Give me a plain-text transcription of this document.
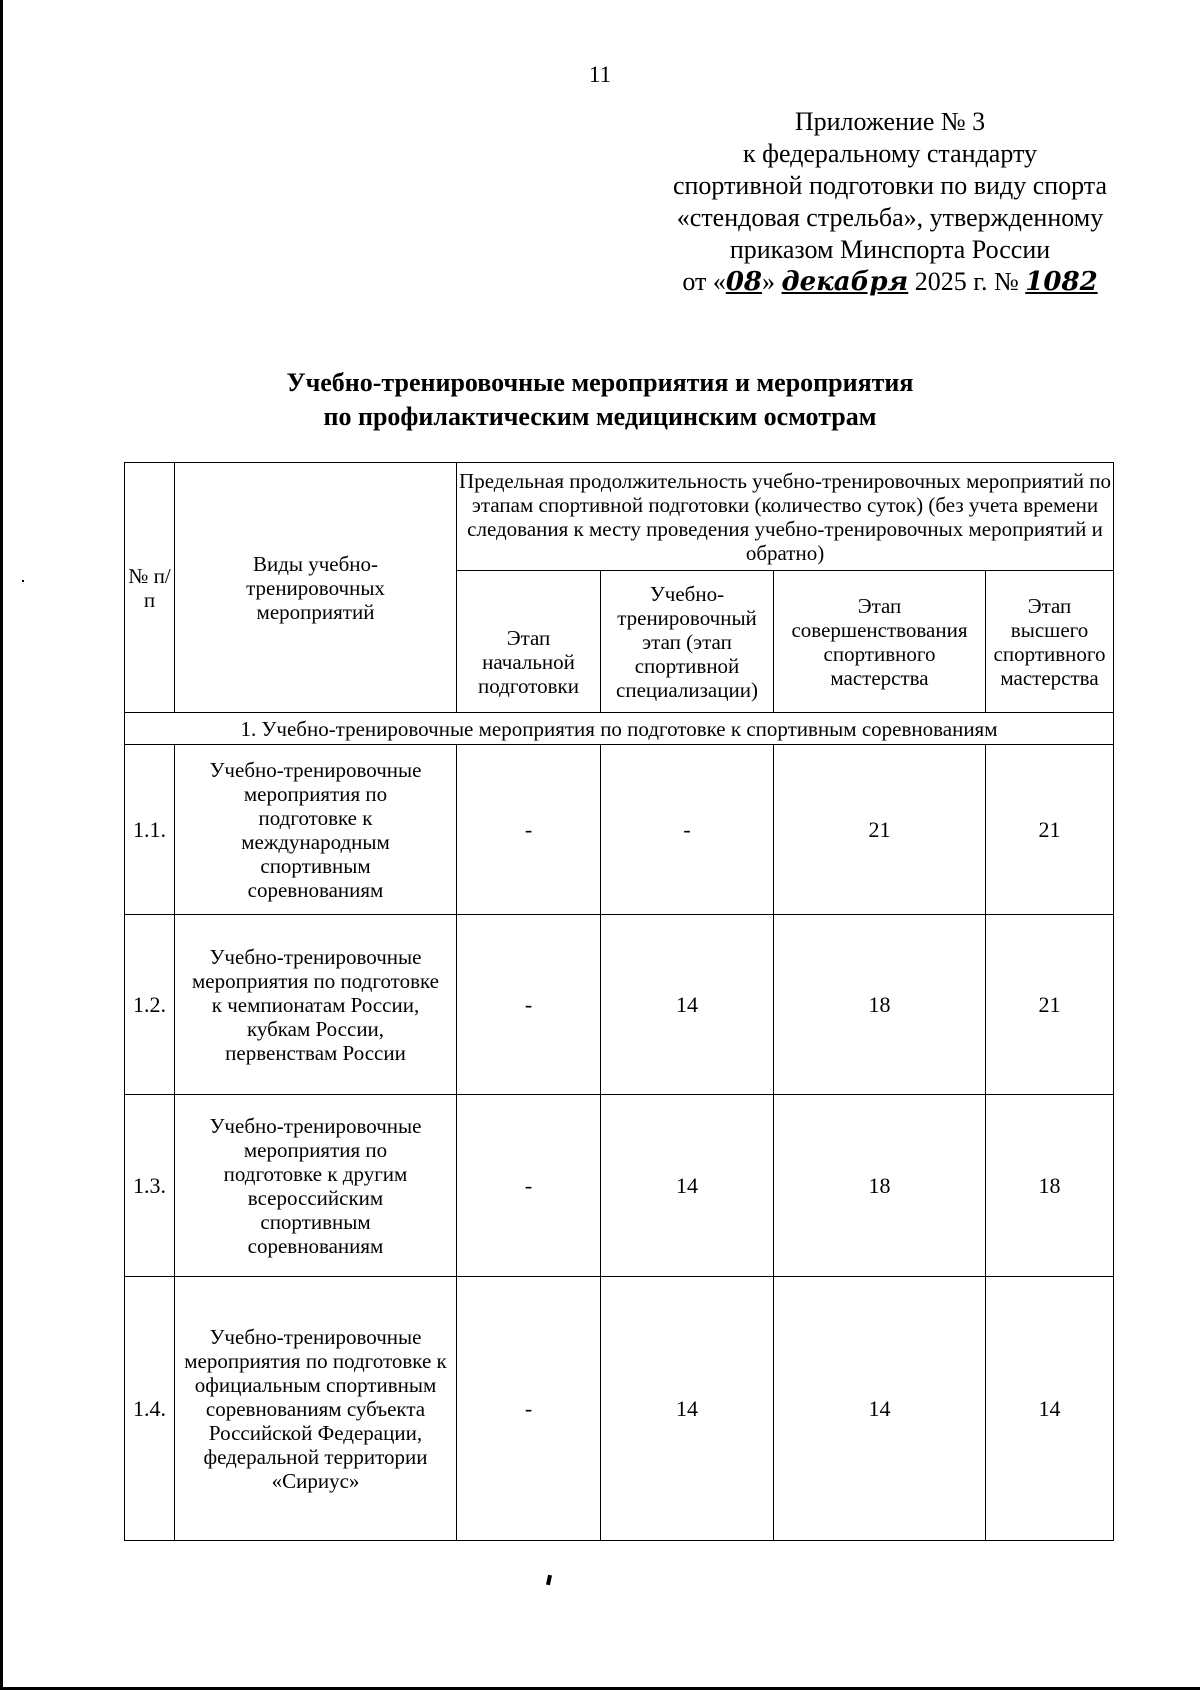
11
Приложение № 3
к федеральному стандарту
спортивной подготовки по виду спорта
«стендовая стрельба», утвержденному
приказом Минспорта России
от «08» декабря 2025 г. № 1082
Учебно-тренировочные мероприятия и мероприятия
по профилактическим медицинским осмотрам
№ п/п	Виды учебно-тренировочных мероприятий	Предельная продолжительность учебно-тренировочных мероприятий по этапам спортивной подготовки (количество суток) (без учета времени следования к месту проведения учебно-тренировочных мероприятий и обратно)			
		Этап начальной подготовки	Учебно-тренировочный этап (этап спортивной специализации)	Этап совершенствования спортивного мастерства	Этап высшего спортивного мастерства
1. Учебно-тренировочные мероприятия по подготовке к спортивным соревнованиям					
1.1.	Учебно-тренировочные мероприятия по подготовке к международным спортивным соревнованиям	-	-	21	21
1.2.	Учебно-тренировочные мероприятия по подготовке к чемпионатам России, кубкам России, первенствам России	-	14	18	21
1.3.	Учебно-тренировочные мероприятия по подготовке к другим всероссийским спортивным соревнованиям	-	14	18	18
1.4.	Учебно-тренировочные мероприятия по подготовке к официальным спортивным соревнованиям субъекта Российской Федерации, федеральной территории «Сириус»	-	14	14	14
